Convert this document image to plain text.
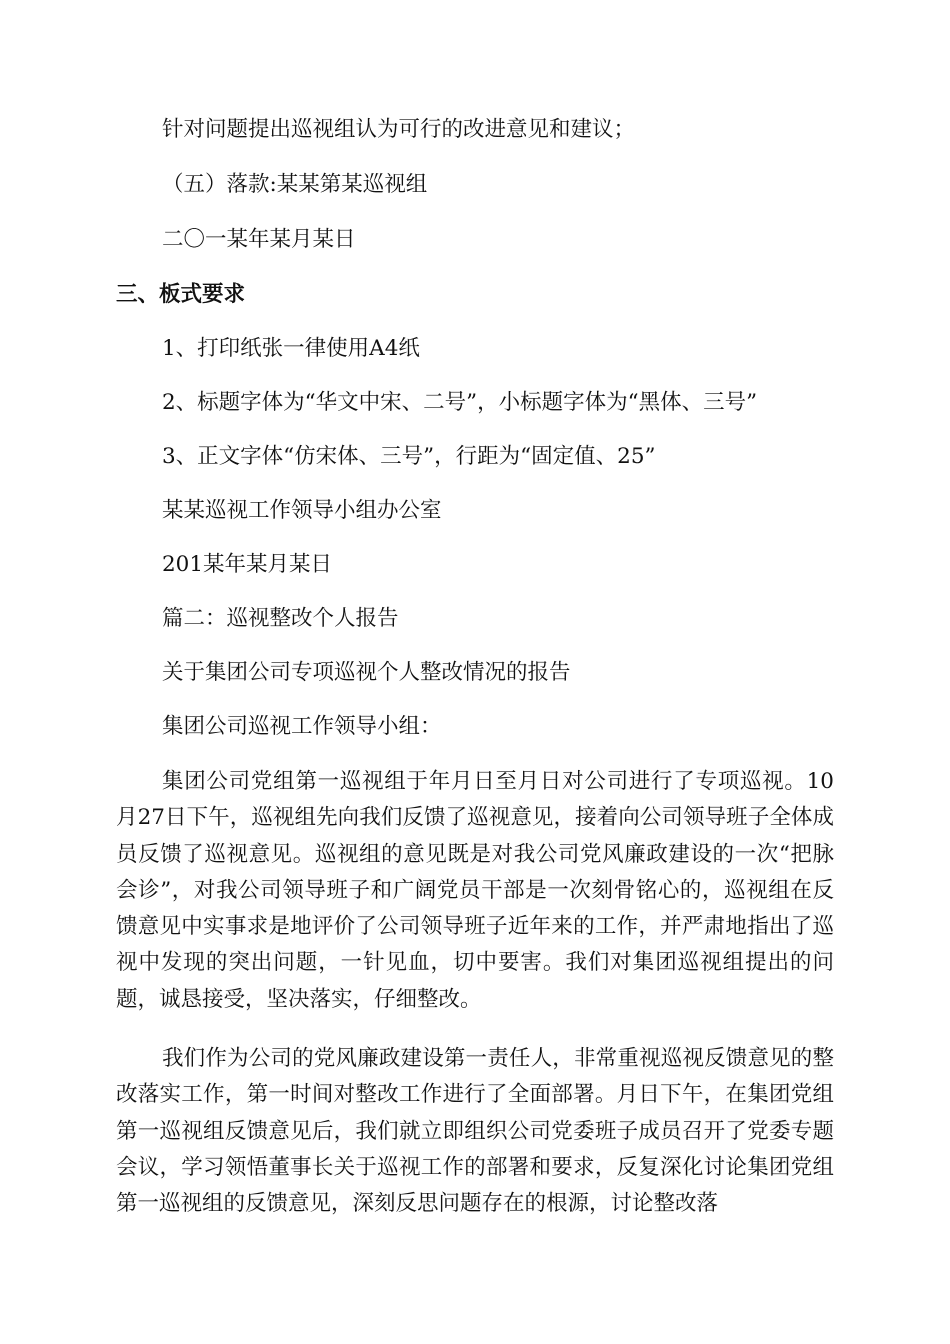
针对问题提出巡视组认为可行的改进意见和建议；
（五）落款:某某第某巡视组
二〇一某年某月某日
三、板式要求
1、打印纸张一律使用A4纸
2、标题字体为“华文中宋、二号”，小标题字体为“黑体、三号”
3、正文字体“仿宋体、三号”，行距为“固定值、25”
某某巡视工作领导小组办公室
201某年某月某日
篇二：巡视整改个人报告
关于集团公司专项巡视个人整改情况的报告
集团公司巡视工作领导小组：
集团公司党组第一巡视组于年月日至月日对公司进行了专项巡视。10月27日下午，巡视组先向我们反馈了巡视意见，接着向公司领导班子全体成员反馈了巡视意见。巡视组的意见既是对我公司党风廉政建设的一次“把脉会诊”，对我公司领导班子和广阔党员干部是一次刻骨铭心的，巡视组在反馈意见中实事求是地评价了公司领导班子近年来的工作，并严肃地指出了巡视中发现的突出问题，一针见血，切中要害。我们对集团巡视组提出的问题，诚恳接受，坚决落实，仔细整改。
我们作为公司的党风廉政建设第一责任人，非常重视巡视反馈意见的整改落实工作，第一时间对整改工作进行了全面部署。月日下午，在集团党组第一巡视组反馈意见后，我们就立即组织公司党委班子成员召开了党委专题会议，学习领悟董事长关于巡视工作的部署和要求，反复深化讨论集团党组第一巡视组的反馈意见，深刻反思问题存在的根源，讨论整改落
